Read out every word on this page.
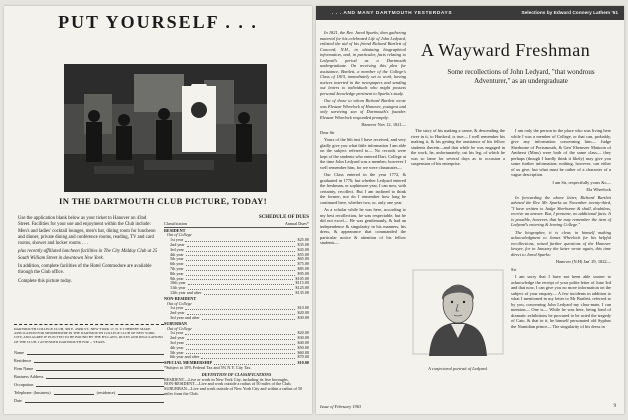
PUT YOURSELF . . .
IN THE DARTMOUTH CLUB PICTURE, TODAY!

Use the application blank below as your ticket to Hanover on 43nd Street. Facilities for your use and enjoyment within the Club include: Men's and ladies' cocktail lounges, men's bar, dining room for luncheon and dinner, private dining and conference rooms, reading, TV and card rooms, shower and locker rooms . . .

plus recently affiliated luncheon facilities in The City Midday Club at 25 South William Street in downtown New York.

In addition, complete facilities of the Hotel Commodore are available through the Club office.

Complete this picture today.

SCHEDULE OF DUES
Classification	Annual Dues*
RESIDENT
Out of College
1st year	$25.00
2nd year	$35.00
3rd year	$45.00
4th year	$55.00
5th year	$65.00
6th year	$75.00
7th year	$85.00
8th year	$95.00
9th year	$105.00
10th year	$115.00
11th year	$125.00
12th year and after	$135.00
NON-RESIDENT
Out of College
1st year	$10.00
2nd year	$20.00
3rd year and after	$30.00
SUBURBAN
Out of College
1st year	$20.00
2nd year	$30.00
3rd year	$40.00
4th year	$50.00
5th year	$60.00
6th year and after	$70.00
SPECIAL MEMBERSHIP	$10.00
*Subject to 10% Federal Tax and 5% N.Y. City Tax.
DEFINITION OF CLASSIFICATIONS

RESIDENT—Live or work in New York City, including its five boroughs.

NON-RESIDENT—Live and work outside a radius of 50 miles of the Club.

SUBURBAN—Live and work outside of New York City and within a radius of 50 miles from the Club.

DARTMOUTH COLLEGE CLUB, 309 E. 43RD ST., NEW YORK 17, N. Y. I HEREBY MAKE APPLICATION FOR MEMBERSHIP IN THE DARTMOUTH COLLEGE CLUB OF NEW YORK CITY, AND AGREE IF ELECTED TO BE BOUND BY THE BY-LAWS, RULES AND REGULATIONS OF THE CLUB. I ATTENDED DARTMOUTH FOR ... YEARS.
Name
Residence
Firm Name
Business Address
Occupation
Telephone: (business)	(residence)
Date
. . . AND MANY DARTMOUTH YESTERDAYS	Selections by Edward Connery Lathem '51

In 1821, the Rev. Jared Sparks, then gathering material for his celebrated Life of John Ledyard, enlisted the aid of his friend Richard Bartlett of Concord, N.H., in obtaining biographical information, and, in particular, facts relating to Ledyard's period as a Dartmouth undergraduate. On receiving this plea for assistance, Bartlett, a member of the College's Class of 1815, immediately set to work, having notices inserted in the newspapers and sending out letters to individuals who might possess personal knowledge pertinent to Sparks's study.

Out of those to whom Richard Bartlett wrote was Eleazar Wheelock of Hanover, youngest and only surviving son of Dartmouth's founder. Eleazar Wheelock responded promptly:

Hanover Nov 12, 1821—

Dear Sir

Yours of the 6th inst I have received, and very gladly give you what little information I am able on the subject referred to— No records were kept of the students who entered Dart. College at the time John Ledyard was a member; however I well remember him, for we were classmates—

Our Class entered in the year 1772, & graduated in 1776; but whether Ledyard entered the freshman, or sophimore year, I can now, with certainty, recollect. But I am inclined to think the former; nor do I remember how long he continued here, whether two, or, only one year.

As a scholar while he was here, according to my best recollection, he was respectable, but he did not excel— He was gentlemanly, & had an independence & singularity in his manners, his dress, & appearance that commanded the particular notice & attention of his fellow students—

A Wayward Freshman
Some recollections of John Ledyard, "that wondrous Adventurer," as an undergraduate

The story of his making a canoe, & descending the river in it, to Hartford, is true— I well remember his making it, & his getting the assistance of his fellow students therein—and that while he was engaged in the work, he, unfortunately, cut his leg, of which he was so lame for several days as to occasion a suspension of his enterprise.

A conjectural portrait of Ledyard.

I am only the person in the place who was living here while I was a member of College, or that can, probably, give any information concerning him— Judge Sherburne of Portsmouth, & Gen' Ebenezer Mattoon of Amherst (Mass) were both of the same class— they perhaps (though I hardly think it likely) may give you some further information; nothing, however, can either of us give, but what must be rather of a character of a vague description.

I am Sir, respectfully yours &c—

Ela Wheelock

In forwarding the above letter, Richard Bartlett advised the Rev. Mr. Sparks on November twenty-third, "I have written to Judge Sherburne & shall, doubtless, receive an answer. But, I presume, no additional facts. It is possible, however, that he may remember the item of Ledyard's entering & leaving College."

The biographer, it is clear, in himself making acknowledgment to James Wheelock for his helpful recollections, raised further questions of the Hanover lawyer, for in January the latter wrote again, this time direct to Jared Sparks:

Hanover (N.H) Jan' 29, 1822—

Sir

I am sorry that I have not been able sooner to acknowledge the receipt of your polite letter of June 3rd and that now, I can give you no more information on the subject of your enquiry— A few incidents in addition to what I mentioned in my letter to Mr Bartlett, referred to by you, concerning John Ledyard my class-mate, I can mention— One is— While he was here, being fond of dramatic exhibitions he procured to be acted the tragedy of Cato, & that in it, he himself personated old Syphax the Numidian prince— The singularity of his dress in

Issue of February 1963	9
